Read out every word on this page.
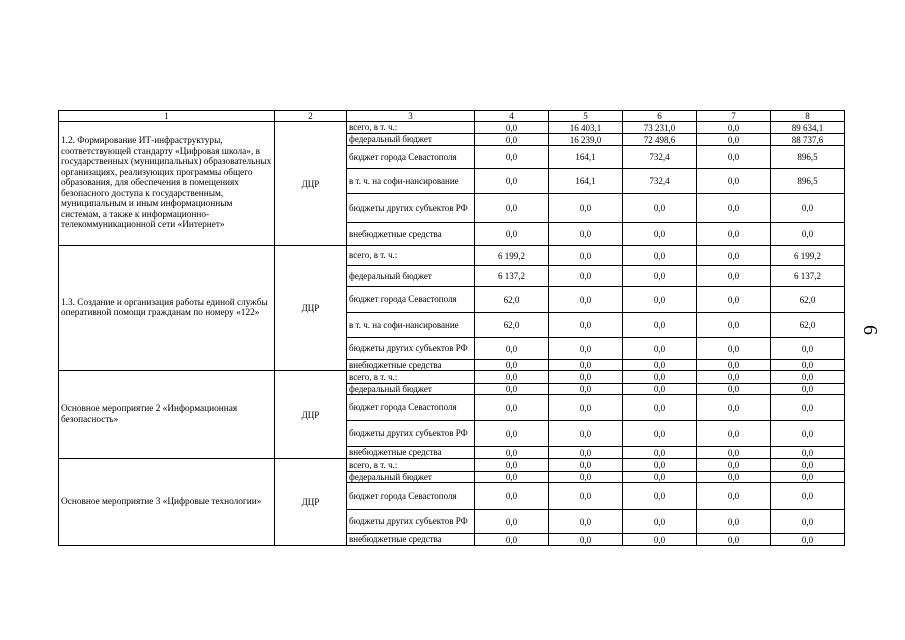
1	2	3	4	5	6	7	8
1.2. Формирование ИТ-инфраструктуры, соответствующей стандарту «Цифровая школа», в государственных (муниципальных) образовательных организациях, реализующих программы общего образования, для обеспечения в помещениях безопасного доступа к государственным, муниципальным и иным информационным системам, а также к информационно-телекоммуникационной сети «Интернет»	ДЦР	всего, в т. ч.:	0,0	16 403,1	73 231,0	0,0	89 634,1
		федеральный бюджет	0,0	16 239,0	72 498,6	0,0	88 737,6
		бюджет города Севастополя	0,0	164,1	732,4	0,0	896,5
		в т. ч. на софи-нансирование	0,0	164,1	732,4	0,0	896,5
		бюджеты других субъектов РФ	0,0	0,0	0,0	0,0	0,0
		внебюджетные средства	0,0	0,0	0,0	0,0	0,0
1.3. Создание и организация работы единой службы оперативной помощи гражданам по номеру «122»	ДЦР	всего, в т. ч.:	6 199,2	0,0	0,0	0,0	6 199,2
		федеральный бюджет	6 137,2	0,0	0,0	0,0	6 137,2
		бюджет города Севастополя	62,0	0,0	0,0	0,0	62,0
		в т. ч. на софи-нансирование	62,0	0,0	0,0	0,0	62,0
		бюджеты других субъектов РФ	0,0	0,0	0,0	0,0	0,0
		внебюджетные средства	0,0	0,0	0,0	0,0	0,0
Основное мероприятие 2 «Информационная безопасность»	ДЦР	всего, в т. ч.:	0,0	0,0	0,0	0,0	0,0
		федеральный бюджет	0,0	0,0	0,0	0,0	0,0
		бюджет города Севастополя	0,0	0,0	0,0	0,0	0,0
		бюджеты других субъектов РФ	0,0	0,0	0,0	0,0	0,0
		внебюджетные средства	0,0	0,0	0,0	0,0	0,0
Основное мероприятие 3 «Цифровые технологии»	ДЦР	всего, в т. ч.:	0,0	0,0	0,0	0,0	0,0
		федеральный бюджет	0,0	0,0	0,0	0,0	0,0
		бюджет города Севастополя	0,0	0,0	0,0	0,0	0,0
		бюджеты других субъектов РФ	0,0	0,0	0,0	0,0	0,0
		внебюджетные средства	0,0	0,0	0,0	0,0	0,0
6
